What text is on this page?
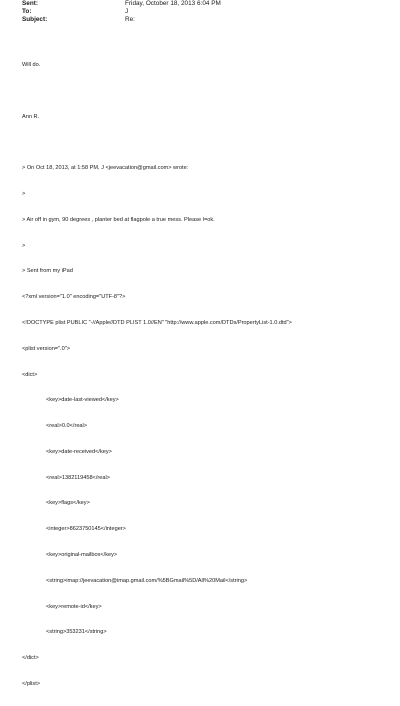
Sent:	Friday, October 18, 2013 6:04 PM
To:	J
Subject:	Re:

Will do.

Ann R.

> On Oct 18, 2013, at 1:58 PM, J <jeevacation@gmail.com> wrote:

>

> Air off in gym, 90 degrees , planter bed at flagpole a true mess. Please l=ok.

>

> Sent from my iPad

<?xml version="1.0" encoding="UTF-8"?>

<!DOCTYPE plist PUBLIC "-//Apple//DTD PLIST 1.0//EN" "http://www.apple.com/DTDs/PropertyList-1.0.dtd">

<plist version=".0">

<dict>

<key>date-last-viewed</key>

<real>0.0</real>

<key>date-received</key>

<real>1382119458</real>

<key>flags</key>

<integer>8623750145</integer>

<key>original-mailbox</key>

<string>imap://jeevacation@imap.gmail.com/%5BGmail%5D/All%20Mail</string>

<key>remote-id</key>

<string>353231</string>

</dict>

</plist>
